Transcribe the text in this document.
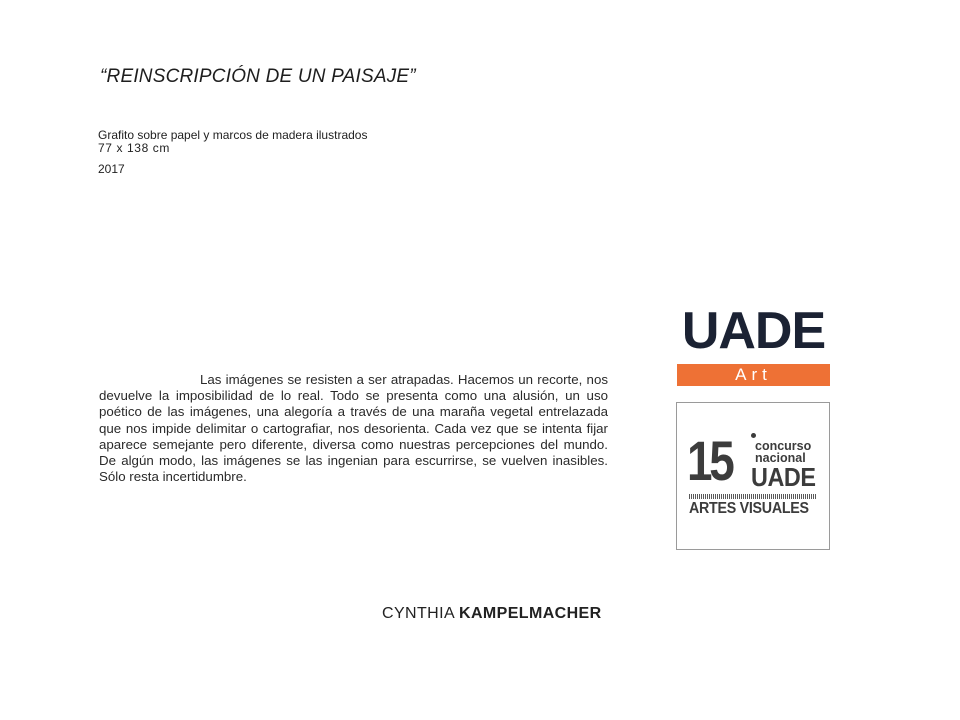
“REINSCRIPCIÓN DE UN PAISAJE”
Grafito sobre papel y marcos de madera ilustrados
77 x 138 cm
2017
Las imágenes se resisten a ser atrapadas. Hacemos un recorte, nos devuelve la imposibilidad de lo real. Todo se presenta como una alusión, un uso poético de las imágenes, una alegoría a través de una maraña vegetal entrelazada que nos impide delimitar o cartografiar, nos desorienta. Cada vez que se intenta fijar aparece semejante pero diferente, diversa como nuestras percepciones del mundo. De algún modo, las imágenes se las ingenian para escurrirse, se vuelven inasibles. Sólo resta incertidumbre.
CYNTHIA KAMPELMACHER
UADE
Art
15 concurso
nacional
UADE
ARTES VISUALES
